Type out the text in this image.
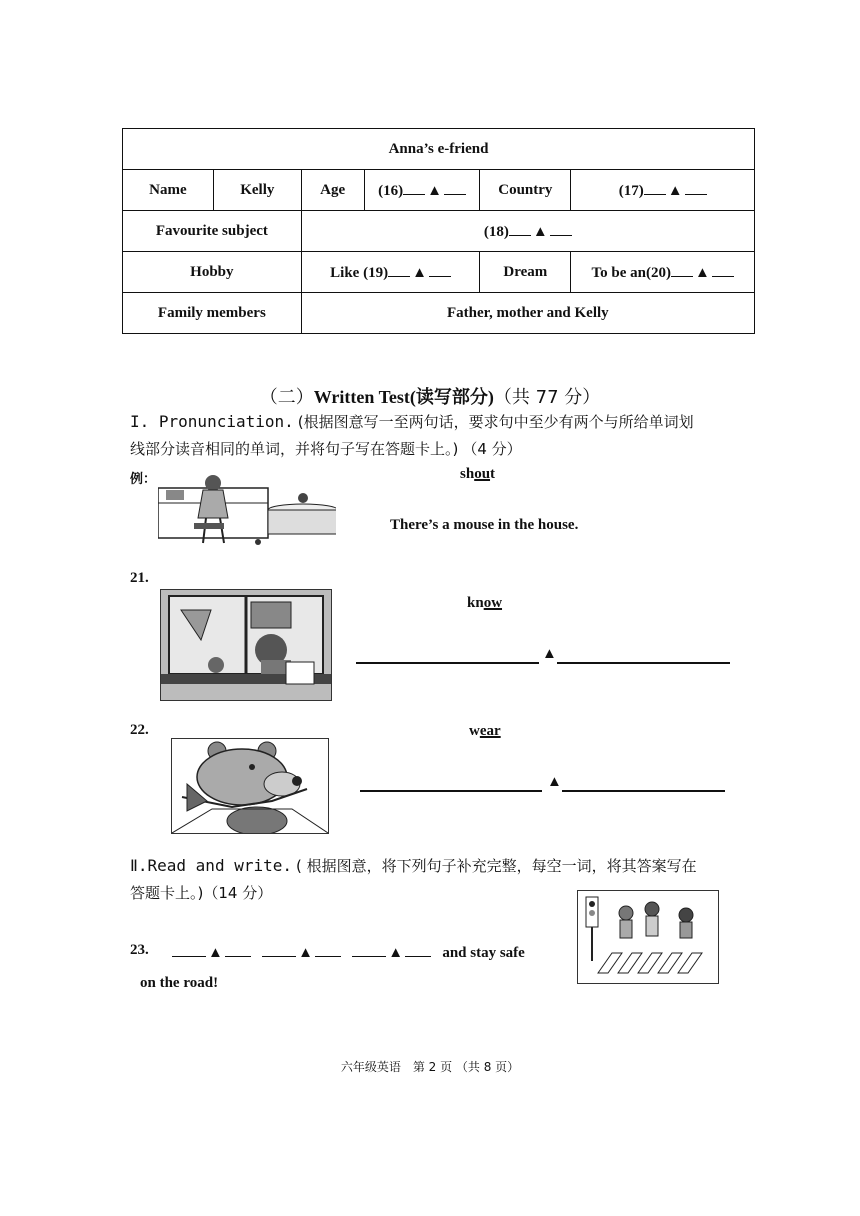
Anna’s e-friend					
Name	Kelly	Age	(16) ▲	Country	(17) ▲
Favourite subject		(18) ▲			
Hobby		Like (19) ▲		Dream	To be an(20) ▲
Family members		Father, mother and Kelly			
（二）Written Test(读写部分)（共 77 分）
I. Pronunciation. (根据图意写一至两句话，要求句中至少有两个与所给单词划
线部分读音相同的单词，并将句子写在答题卡上。) （4 分）
例：	shout
There’s a mouse in the house.
21.
know
▲
22.	wear
▲
Ⅱ.Read and write. ( 根据图意，将下列句子补充完整，每空一词，将其答案写在
答题卡上。)（14 分）
23.	▲	▲	▲	and stay safe
on the road!
六年级英语　第 2 页 （共 8 页）
